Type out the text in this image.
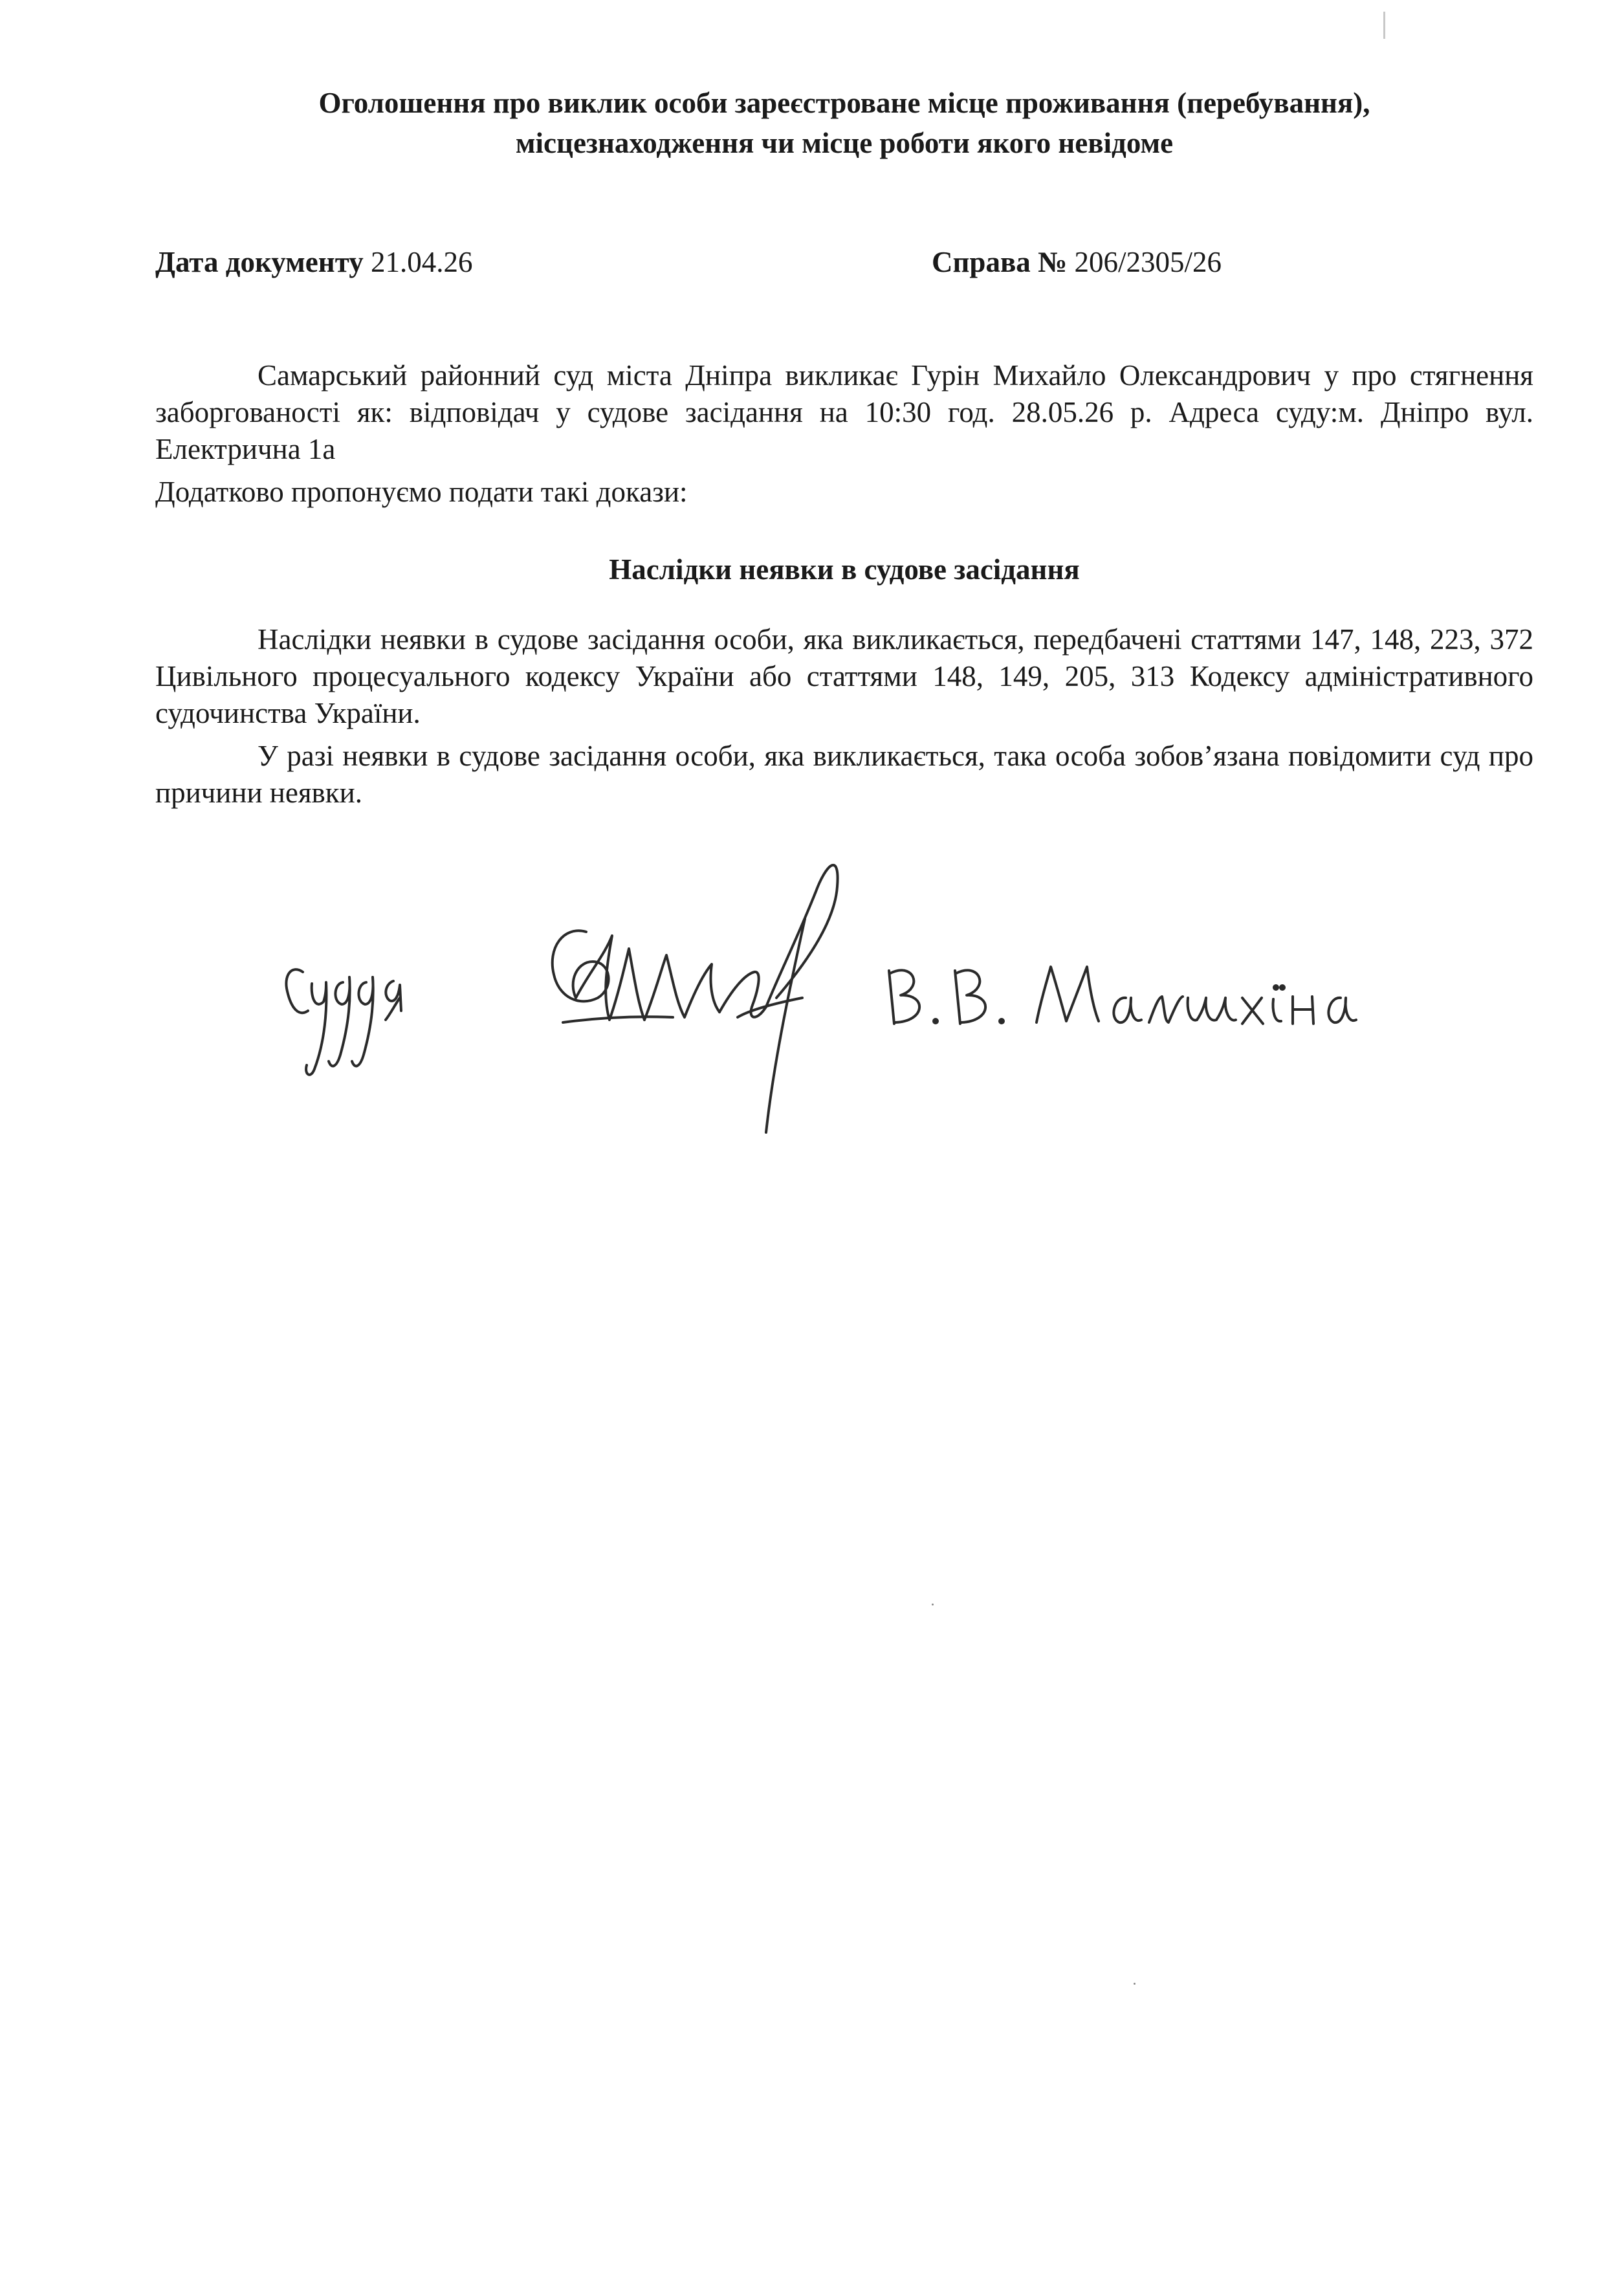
Оголошення про виклик особи зареєстроване місце проживання (перебування),
місцезнаходження чи місце роботи якого невідоме
Дата документу 21.04.26	Справа № 206/2305/26
Самарський районний суд міста Дніпра викликає Гурін Михайло Олександрович у про стягнення заборгованості як: відповідач у судове засідання на 10:30 год. 28.05.26 р. Адреса суду:м. Дніпро вул. Електрична 1а
Додатково пропонуємо подати такі докази:
Наслідки неявки в судове засідання
Наслідки неявки в судове засідання особи, яка викликається, передбачені статтями 147, 148, 223, 372 Цивільного процесуального кодексу України або статтями 148, 149, 205, 313 Кодексу адміністративного судочинства України.
У разі неявки в судове засідання особи, яка викликається, така особа зобов’язана повідомити суд про причини неявки.
